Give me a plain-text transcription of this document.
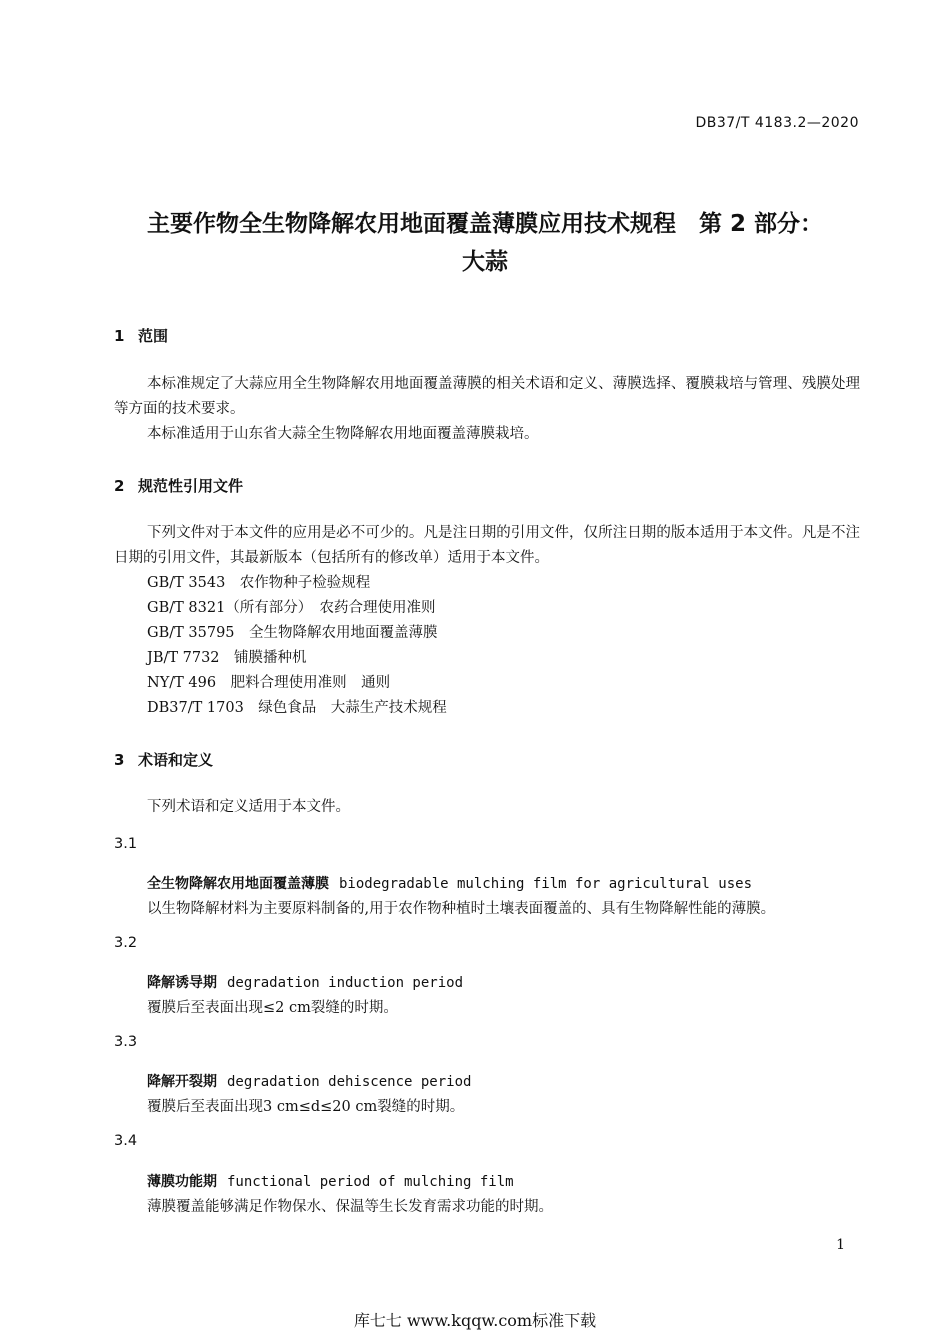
DB37/T 4183.2—2020
主要作物全生物降解农用地面覆盖薄膜应用技术规程　第 2 部分：
大蒜
1 范围
本标准规定了大蒜应用全生物降解农用地面覆盖薄膜的相关术语和定义、薄膜选择、覆膜栽培与管理、残膜处理等方面的技术要求。
本标准适用于山东省大蒜全生物降解农用地面覆盖薄膜栽培。
2 规范性引用文件
下列文件对于本文件的应用是必不可少的。凡是注日期的引用文件，仅所注日期的版本适用于本文件。凡是不注日期的引用文件，其最新版本（包括所有的修改单）适用于本文件。
GB/T 3543　农作物种子检验规程
GB/T 8321（所有部分）　农药合理使用准则
GB/T 35795　全生物降解农用地面覆盖薄膜
JB/T 7732　铺膜播种机
NY/T 496　肥料合理使用准则　通则
DB37/T 1703　绿色食品　大蒜生产技术规程
3 术语和定义
下列术语和定义适用于本文件。
3.1
全生物降解农用地面覆盖薄膜 biodegradable mulching film for agricultural uses
以生物降解材料为主要原料制备的,用于农作物种植时土壤表面覆盖的、具有生物降解性能的薄膜。
3.2
降解诱导期 degradation induction period
覆膜后至表面出现≤2 cm裂缝的时期。
3.3
降解开裂期 degradation dehiscence period
覆膜后至表面出现3 cm≤d≤20 cm裂缝的时期。
3.4
薄膜功能期 functional period of mulching film
薄膜覆盖能够满足作物保水、保温等生长发育需求功能的时期。
1
库七七 www.kqqw.com标准下载
